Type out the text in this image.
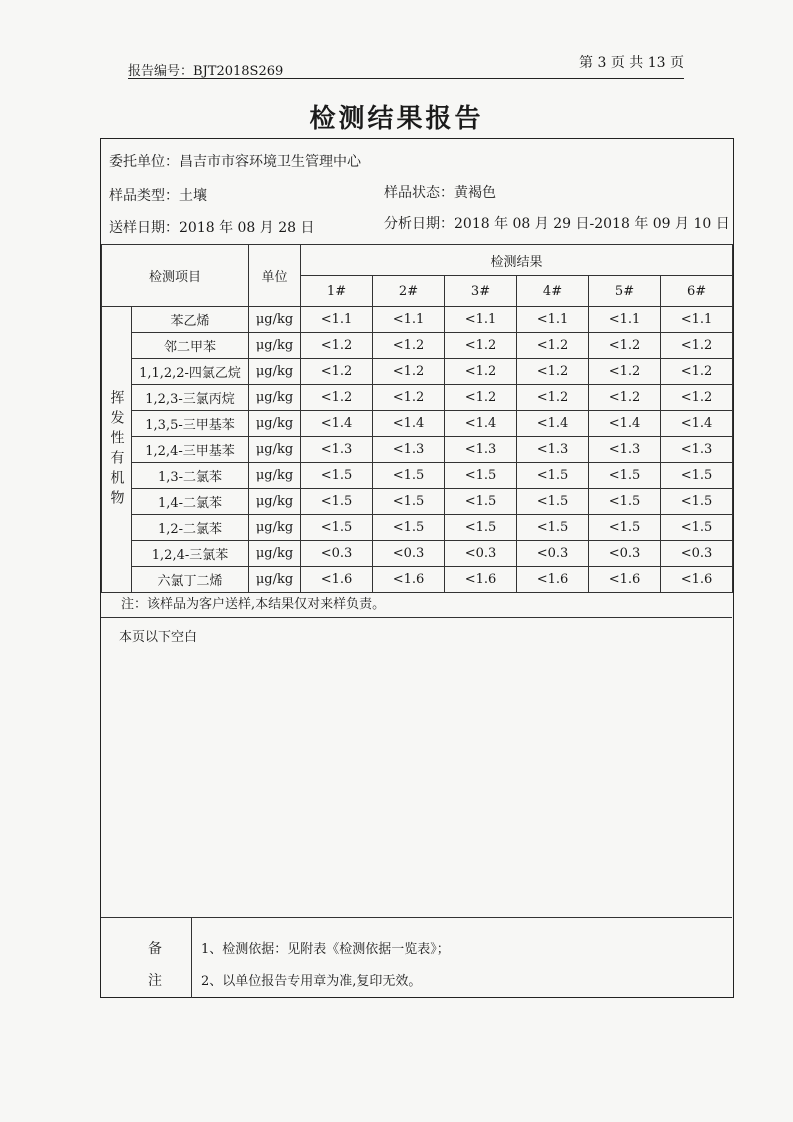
报告编号：BJT2018S269
第 3 页 共 13 页
检测结果报告
委托单位：昌吉市市容环境卫生管理中心
样品类型：土壤	样品状态：黄褐色
送样日期：2018 年 08 月 28 日	分析日期：2018 年 08 月 29 日-2018 年 09 月 10 日
检测项目		单位	检测结果					
			1#	2#	3#	4#	5#	6#
挥发性有机物	苯乙烯	μg/kg	<1.1	<1.1	<1.1	<1.1	<1.1	<1.1
	邻二甲苯	μg/kg	<1.2	<1.2	<1.2	<1.2	<1.2	<1.2
	1,1,2,2-四氯乙烷	μg/kg	<1.2	<1.2	<1.2	<1.2	<1.2	<1.2
	1,2,3-三氯丙烷	μg/kg	<1.2	<1.2	<1.2	<1.2	<1.2	<1.2
	1,3,5-三甲基苯	μg/kg	<1.4	<1.4	<1.4	<1.4	<1.4	<1.4
	1,2,4-三甲基苯	μg/kg	<1.3	<1.3	<1.3	<1.3	<1.3	<1.3
	1,3-二氯苯	μg/kg	<1.5	<1.5	<1.5	<1.5	<1.5	<1.5
	1,4-二氯苯	μg/kg	<1.5	<1.5	<1.5	<1.5	<1.5	<1.5
	1,2-二氯苯	μg/kg	<1.5	<1.5	<1.5	<1.5	<1.5	<1.5
	1,2,4-三氯苯	μg/kg	<0.3	<0.3	<0.3	<0.3	<0.3	<0.3
	六氯丁二烯	μg/kg	<1.6	<1.6	<1.6	<1.6	<1.6	<1.6
注：该样品为客户送样,本结果仅对来样负责。
本页以下空白
备
注
1、检测依据：见附表《检测依据一览表》；
2、以单位报告专用章为准,复印无效。
